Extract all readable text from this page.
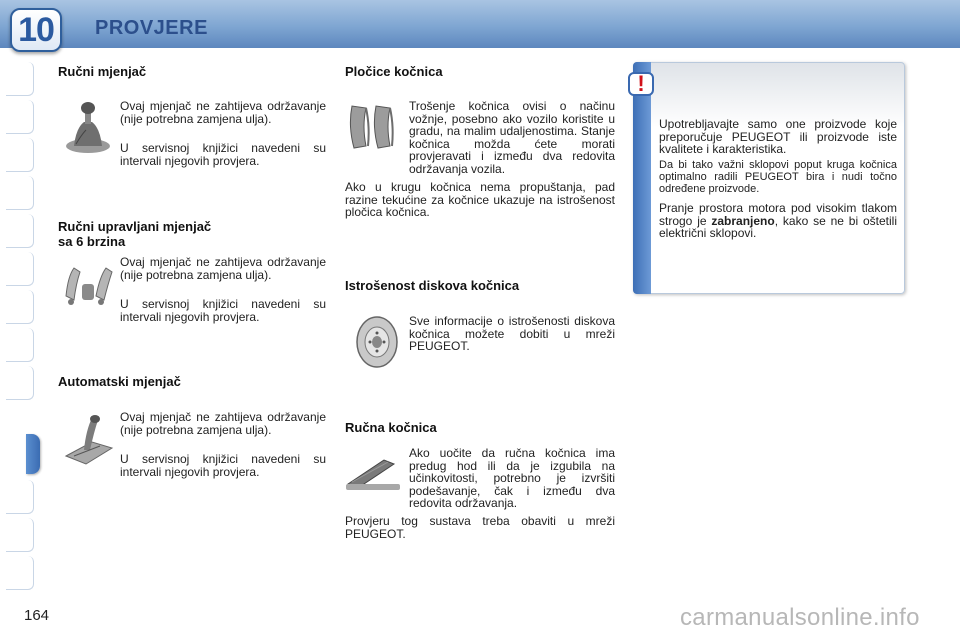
10	PROVJERE
Ručni mjenjač
Ovaj mjenjač ne zahtijeva održavanje (nije potrebna zamjena ulja).
U servisnoj knjižici navedeni su intervali njegovih provjera.
Ručni upravljani mjenjač
sa 6 brzina
Ovaj mjenjač ne zahtijeva održavanje (nije potrebna zamjena ulja).
U servisnoj knjižici navedeni su intervali njegovih provjera.
Automatski mjenjač
Ovaj mjenjač ne zahtijeva održavanje (nije potrebna zamjena ulja).
U servisnoj knjižici navedeni su intervali njegovih provjera.
Pločice kočnica
Trošenje kočnica ovisi o načinu vožnje, posebno ako vozilo koristite u gradu, na malim udaljenostima. Stanje kočnica možda ćete morati provjeravati i između dva redovita održavanja vozila.
Ako u krugu kočnica nema propuštanja, pad razine tekućine za kočnice ukazuje na istrošenost pločica kočnica.
Istrošenost diskova kočnica
Sve informacije o istrošenosti diskova kočnica možete dobiti u mreži PEUGEOT.
Ručna kočnica
Ako uočite da ručna kočnica ima predug hod ili da je izgubila na učinkovitosti, potrebno je izvršiti podešavanje, čak i između dva redovita održavanja.
Provjeru tog sustava treba obaviti u mreži PEUGEOT.
!
Upotrebljavajte samo one proizvode koje preporučuje PEUGEOT ili proizvode iste kvalitete i karakteristika.
Da bi tako važni sklopovi poput kruga kočnica optimalno radili PEUGEOT bira i nudi točno određene proizvode.
Pranje prostora motora pod visokim tlakom strogo je zabranjeno, kako se ne bi oštetili električni sklopovi.
164	carmanualsonline.info
